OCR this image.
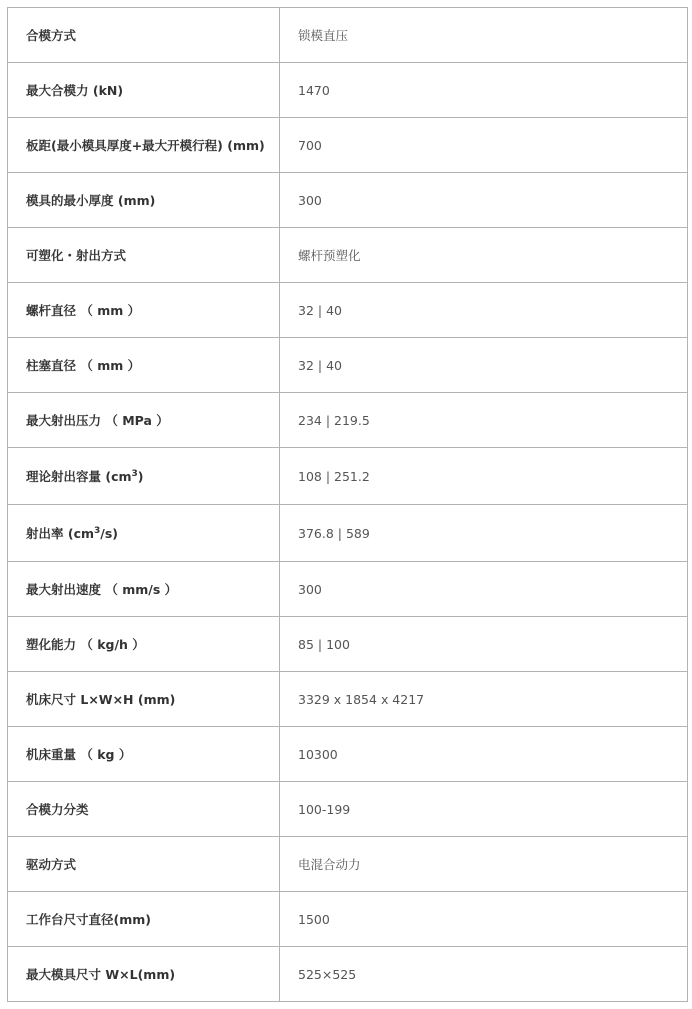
合模方式	锁模直压
最大合模力 (kN)	1470
板距(最小模具厚度+最大开模行程) (mm)	700
模具的最小厚度 (mm)	300
可塑化・射出方式	螺杆预塑化
螺杆直径 （ mm ）	32 | 40
柱塞直径 （ mm ）	32 | 40
最大射出压力 （ MPa ）	234 | 219.5
理论射出容量 $(cm^3)$	108 | 251.2
射出率 $(cm^3/s)$	376.8 | 589
最大射出速度 （ mm/s ）	300
塑化能力 （ kg/h ）	85 | 100
机床尺寸 L×W×H (mm)	3329 x 1854 x 4217
机床重量 （ kg ）	10300
合模力分类	100-199
驱动方式	电混合动力
工作台尺寸直径(mm)	1500
最大模具尺寸 W×L(mm)	525×525
